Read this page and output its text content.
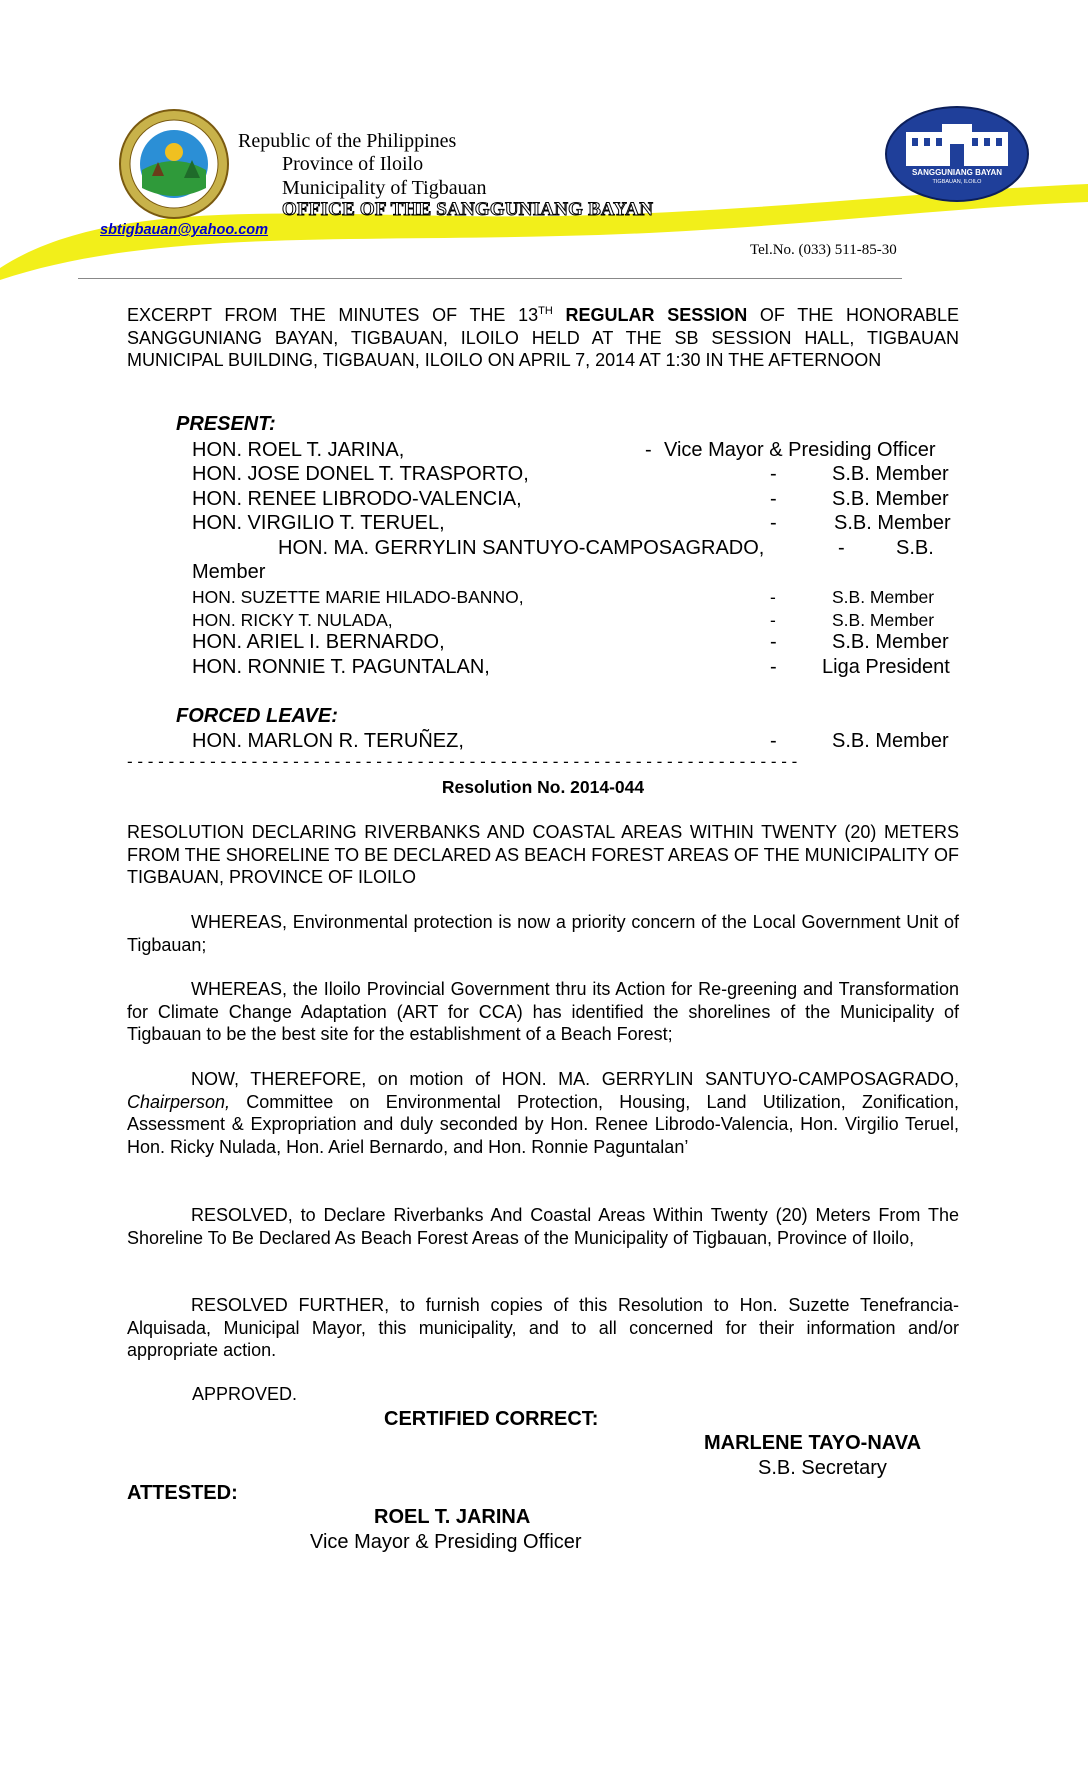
Republic of the Philippines
Province of Iloilo
Municipality of Tigbauan
OFFICE OF THE SANGGUNIANG BAYAN
SANGGUNIANG BAYAN
TIGBAUAN, ILOILO
sbtigbauan@yahoo.com
Tel.No. (033) 511-85-30
EXCERPT FROM THE MINUTES OF THE 13TH REGULAR SESSION OF THE HONORABLE SANGGUNIANG BAYAN, TIGBAUAN, ILOILO HELD AT THE SB SESSION HALL, TIGBAUAN MUNICIPAL BUILDING, TIGBAUAN, ILOILO ON APRIL 7, 2014 AT 1:30 IN THE AFTERNOON
PRESENT:
HON. ROEL T. JARINA,	- Vice Mayor & Presiding Officer
HON. JOSE DONEL T. TRASPORTO,	-	S.B. Member
HON. RENEE LIBRODO-VALENCIA,	-	S.B. Member
HON. VIRGILIO T. TERUEL,	-	S.B. Member
HON. MA. GERRYLIN SANTUYO-CAMPOSAGRADO,	-	S.B.
Member
HON. SUZETTE MARIE HILADO-BANNO,	-	S.B. Member
HON. RICKY T. NULADA,	-	S.B. Member
HON. ARIEL I. BERNARDO,	-	S.B. Member
HON. RONNIE T. PAGUNTALAN,	- Liga President
FORCED LEAVE:
HON. MARLON R. TERUÑEZ,	-	S.B. Member
- - - - - - - - - - - - - - - - - - - - - - - - - - - - - - - - - - - - - - - - - - - - - - - - - - - - - - - - - - - - - - - - -
Resolution No. 2014-044
RESOLUTION DECLARING RIVERBANKS AND COASTAL AREAS WITHIN TWENTY (20) METERS FROM THE SHORELINE TO BE DECLARED AS BEACH FOREST AREAS OF THE MUNICIPALITY OF TIGBAUAN, PROVINCE OF ILOILO
WHEREAS, Environmental protection is now a priority concern of the Local Government Unit of Tigbauan;
WHEREAS, the Iloilo Provincial Government thru its Action for Re-greening and Transformation for Climate Change Adaptation (ART for CCA) has identified the shorelines of the Municipality of Tigbauan to be the best site for the establishment of a Beach Forest;
NOW, THEREFORE, on motion of HON. MA. GERRYLIN SANTUYO-CAMPOSAGRADO, Chairperson, Committee on Environmental Protection, Housing, Land Utilization, Zonification, Assessment & Expropriation and duly seconded by Hon. Renee Librodo-Valencia, Hon. Virgilio Teruel, Hon. Ricky Nulada, Hon. Ariel Bernardo, and Hon. Ronnie Paguntalan’
RESOLVED, to Declare Riverbanks And Coastal Areas Within Twenty (20) Meters From The Shoreline To Be Declared As Beach Forest Areas of the Municipality of Tigbauan, Province of Iloilo,
RESOLVED FURTHER, to furnish copies of this Resolution to Hon. Suzette Tenefrancia-Alquisada, Municipal Mayor, this municipality, and to all concerned for their information and/or appropriate action.
APPROVED.
CERTIFIED CORRECT:
MARLENE TAYO-NAVA
S.B. Secretary
ATTESTED:
ROEL T. JARINA
Vice Mayor & Presiding Officer
